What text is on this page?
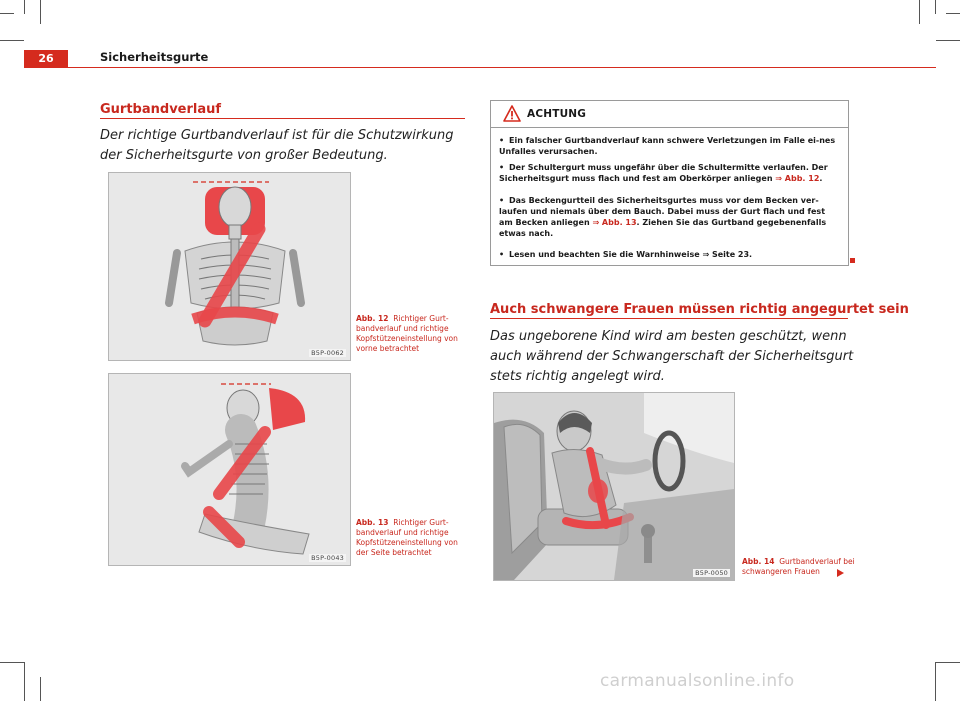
26	Sicherheitsgurte
Gurtbandverlauf
Der richtige Gurtbandverlauf ist für die Schutzwirkung der Sicherheitsgurte von großer Bedeutung.
B5P-0062
Abb. 12 Richtiger Gurt-bandverlauf und richtige Kopfstützeneinstellung von vorne betrachtet
B5P-0043
Abb. 13 Richtiger Gurt-bandverlauf und richtige Kopfstützeneinstellung von der Seite betrachtet
ACHTUNG
• Ein falscher Gurtbandverlauf kann schwere Verletzungen im Falle ei-nes Unfalles verursachen.
• Der Schultergurt muss ungefähr über die Schultermitte verlaufen. Der Sicherheitsgurt muss flach und fest am Oberkörper anliegen ⇒ Abb. 12.
• Das Beckengurtteil des Sicherheitsgurtes muss vor dem Becken ver-laufen und niemals über dem Bauch. Dabei muss der Gurt flach und fest am Becken anliegen ⇒ Abb. 13. Ziehen Sie das Gurtband gegebenenfalls etwas nach.
• Lesen und beachten Sie die Warnhinweise ⇒ Seite 23.
Auch schwangere Frauen müssen richtig angegurtet sein
Das ungeborene Kind wird am besten geschützt, wenn auch während der Schwangerschaft der Sicherheitsgurt stets richtig angelegt wird.
B5P-0050
Abb. 14 Gurtbandverlauf bei schwangeren Frauen
carmanualsonline.info
